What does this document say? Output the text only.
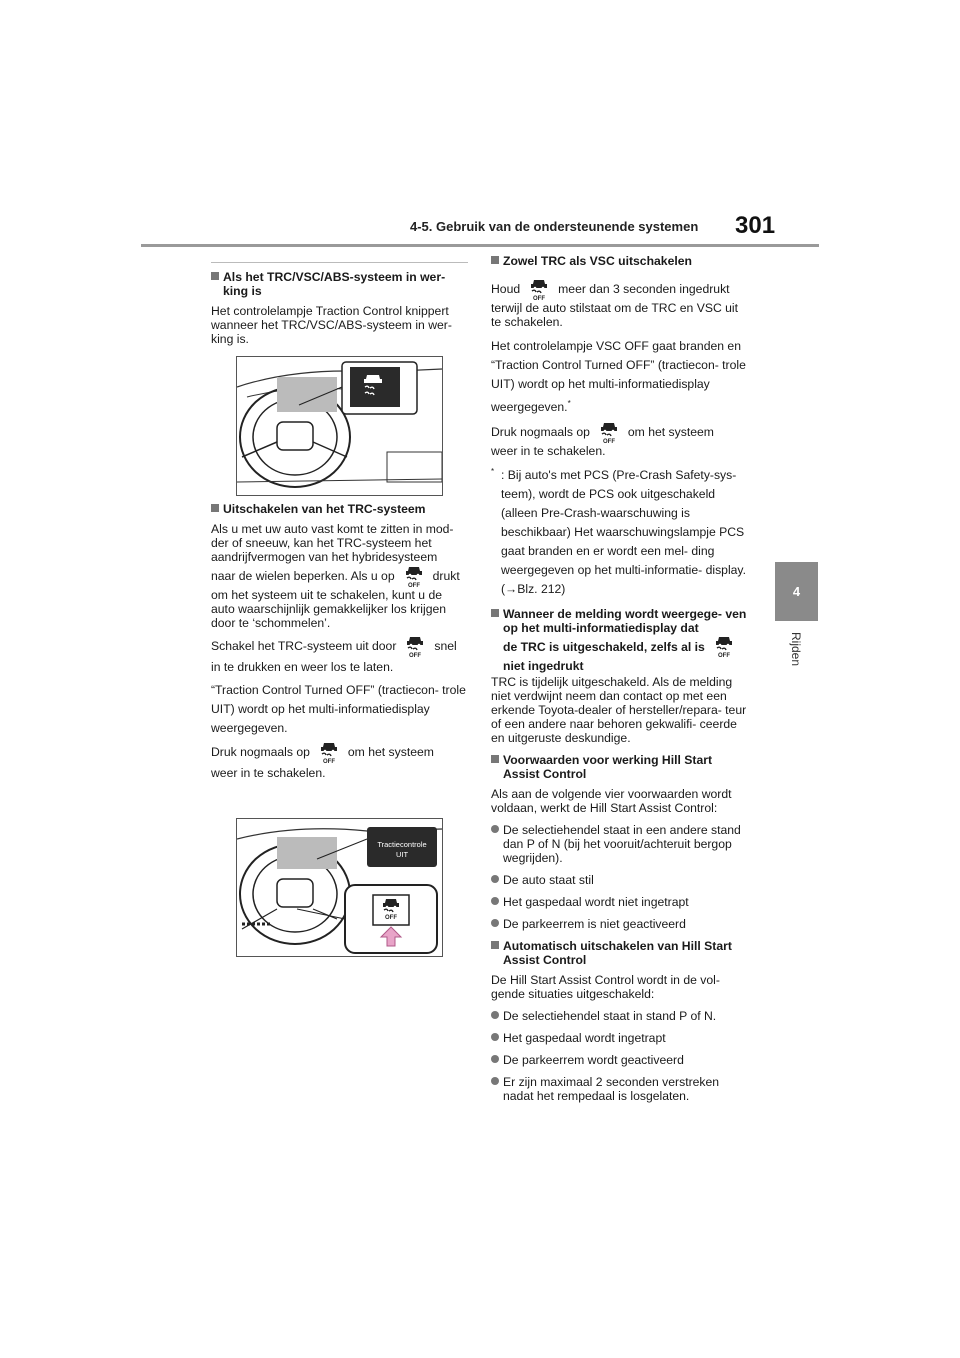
4-5. Gebruik van de ondersteunende systemen 301
4
Rijden
Als het TRC/VSC/ABS-systeem in wer- king is

Het controlelampje Traction Control knippert wanneer het TRC/VSC/ABS-systeem in wer- king is.

Uitschakelen van het TRC-systeem

Als u met uw auto vast komt te zitten in mod- der of sneeuw, kan het TRC-systeem het aandrijfvermogen van het hybridesysteem

naar de wielen beperken. Als u op	drukt

om het systeem uit te schakelen, kunt u de auto waarschijnlijk gemakkelijker los krijgen door te ‘schommelen’.

Schakel het TRC-systeem uit door	snel

in te drukken en weer los te laten.

“Traction Control Turned OFF” (tractiecon- trole UIT) wordt op het multi-informatiedisplay weergegeven.

Druk nogmaals op	om het systeem

weer in te schakelen.

Tractiecontrole
UIT
Zowel TRC als VSC uitschakelen

Houd	meer dan 3 seconden ingedrukt

terwijl de auto stilstaat om de TRC en VSC uit te schakelen.

Het controlelampje VSC OFF gaat branden en “Traction Control Turned OFF” (tractiecon- trole UIT) wordt op het multi-informatiedisplay weergegeven.*

Druk nogmaals op	om het systeem

weer in te schakelen.

* : Bij auto's met PCS (Pre-Crash Safety-sys- teem), wordt de PCS ook uitgeschakeld (alleen Pre-Crash-waarschuwing is beschikbaar) Het waarschuwingslampje PCS gaat branden en er wordt een mel- ding weergegeven op het multi-informatie- display. (→Blz. 212)

Wanneer de melding wordt weergege- ven op het multi-informatiedisplay dat
de TRC is uitgeschakeld, zelfs al is
niet ingedrukt

TRC is tijdelijk uitgeschakeld. Als de melding niet verdwijnt neem dan contact op met een erkende Toyota-dealer of hersteller/repara- teur of een andere naar behoren gekwalifi- ceerde en uitgeruste deskundige.

Voorwaarden voor werking Hill Start Assist Control

Als aan de volgende vier voorwaarden wordt voldaan, werkt de Hill Start Assist Control:

De selectiehendel staat in een andere stand dan P of N (bij het vooruit/achteruit bergop wegrijden).
De auto staat stil
Het gaspedaal wordt niet ingetrapt
De parkeerrem is niet geactiveerd
Automatisch uitschakelen van Hill Start Assist Control

De Hill Start Assist Control wordt in de vol- gende situaties uitgeschakeld:

De selectiehendel staat in stand P of N.
Het gaspedaal wordt ingetrapt
De parkeerrem wordt geactiveerd
Er zijn maximaal 2 seconden verstreken nadat het rempedaal is losgelaten.
